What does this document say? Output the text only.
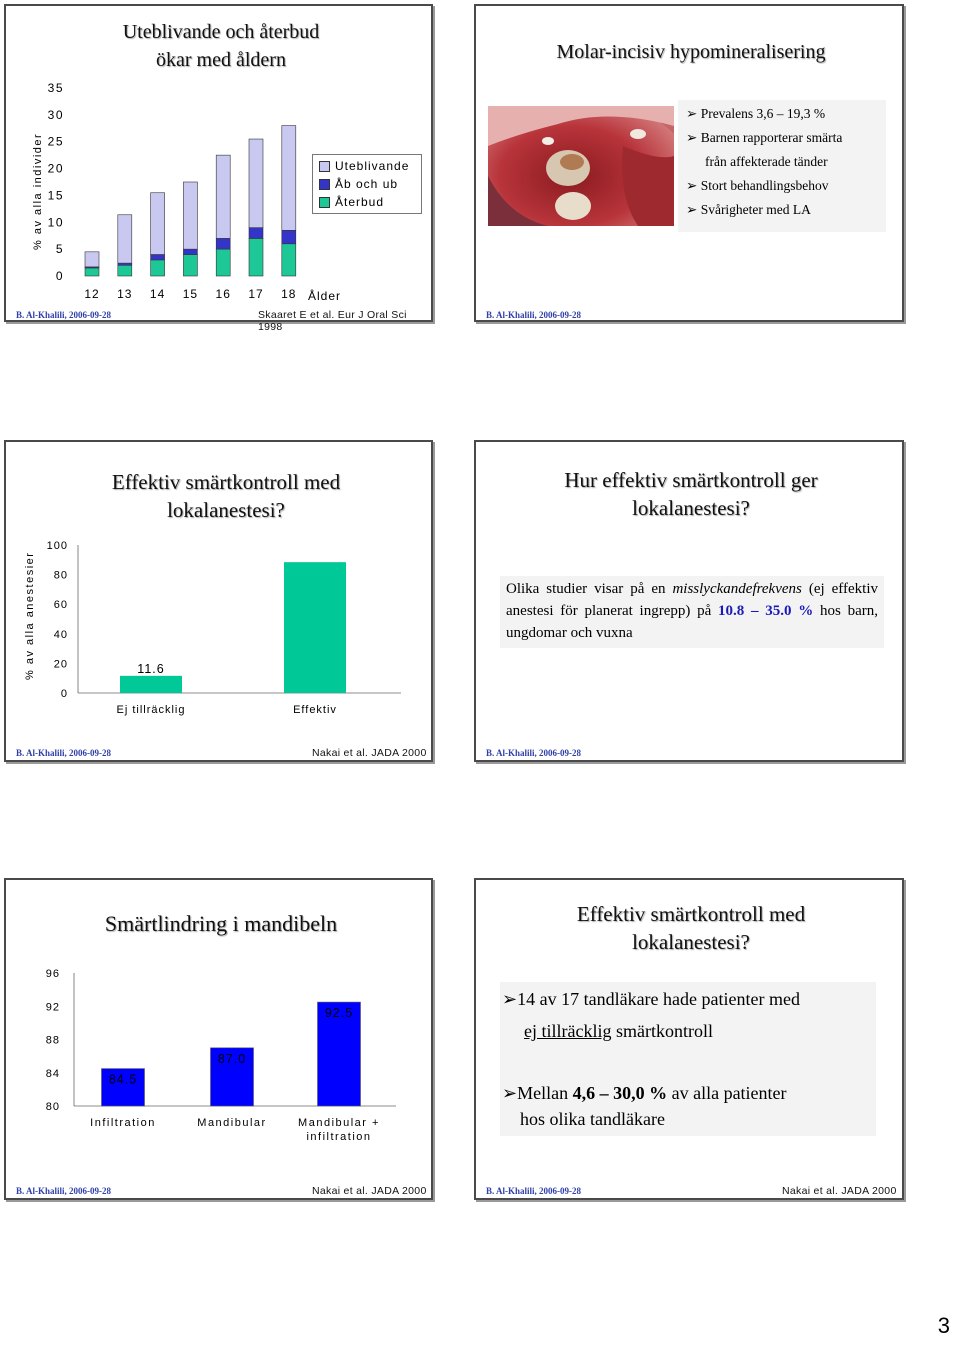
Uteblivande och återbud
ökar med åldern
% av alla individer
0
5
10
15
20
25
30
35
12 13 14 15 16 17 18 Ålder
Uteblivande
Åb och ub
Återbud
B. Al-Khalili, 2006-09-28	Skaaret E et al. Eur J Oral Sci 1998
Molar-incisiv hypomineralisering
➢ Prevalens 3,6 – 19,3 %
➢ Barnen rapporterar smärta
från affekterade tänder
➢ Stort behandlingsbehov
➢ Svårigheter med LA
B. Al-Khalili, 2006-09-28
Effektiv smärtkontroll med
lokalanestesi?
% av alla anestesier
0
20
40
60
80
100
Ej tillräcklig
11.6
Effektiv
B. Al-Khalili, 2006-09-28	Nakai et al. JADA 2000
Hur effektiv smärtkontroll ger
lokalanestesi?
Olika studier visar på en misslyckandefrekvens (ej effektiv anestesi för planerat ingrepp) på 10.8 – 35.0 % hos barn, ungdomar och vuxna
B. Al-Khalili, 2006-09-28
Smärtlindring i mandibeln
80
84
88
92
96
84.5
87.0
92.5
Infiltration	Mandibular	Mandibular +
infiltration
B. Al-Khalili, 2006-09-28	Nakai et al. JADA 2000
Effektiv smärtkontroll med
lokalanestesi?
➢14 av 17 tandläkare hade patienter med
ej tillräcklig smärtkontroll
➢Mellan 4,6 – 30,0 % av alla patienter
hos olika tandläkare
B. Al-Khalili, 2006-09-28	Nakai et al. JADA 2000
3
